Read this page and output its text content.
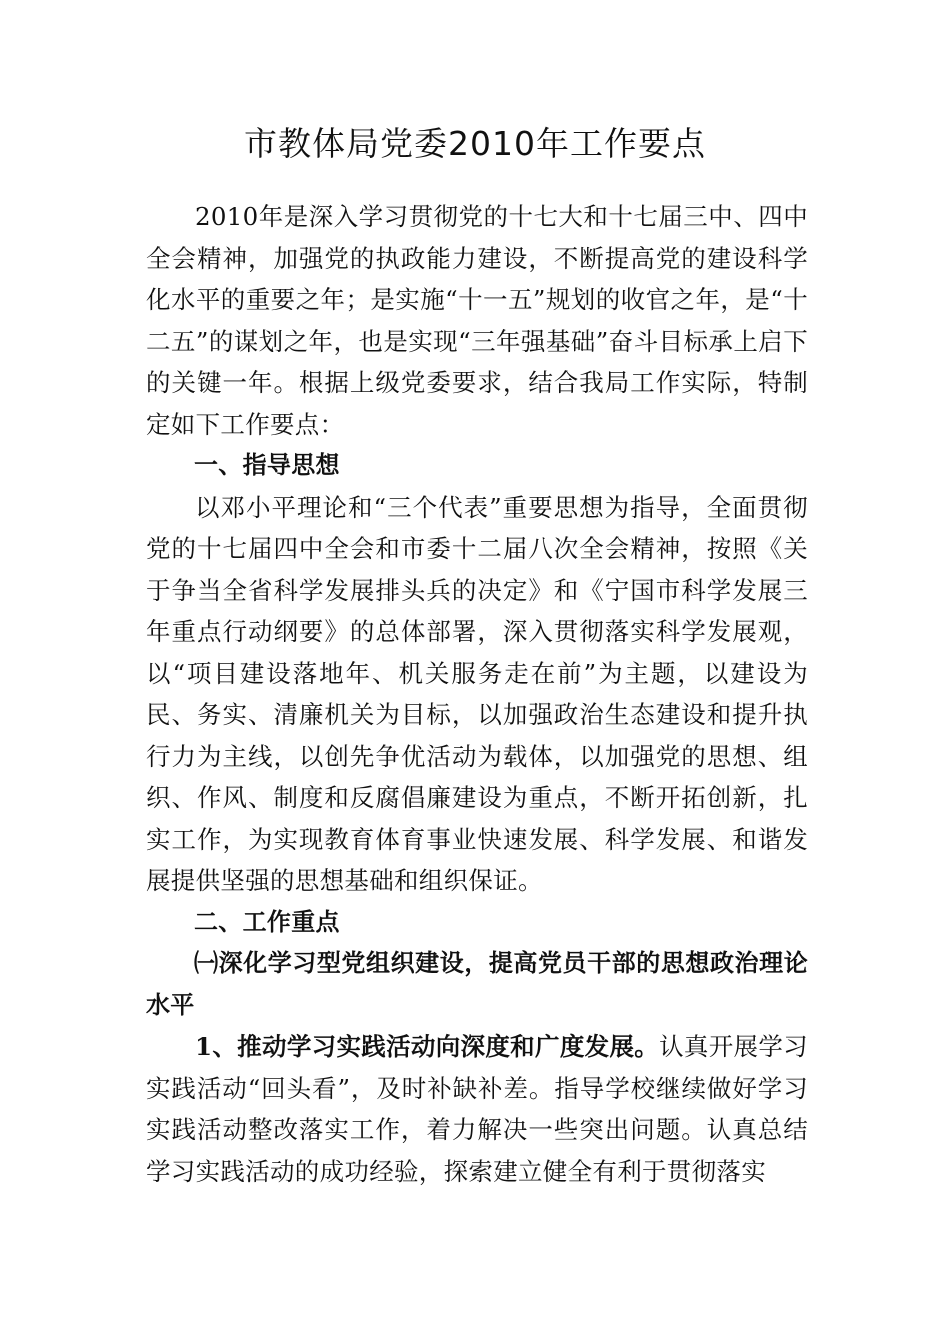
市教体局党委2010年工作要点

2010年是深入学习贯彻党的十七大和十七届三中、四中全会精神，加强党的执政能力建设，不断提高党的建设科学化水平的重要之年；是实施“十一五”规划的收官之年，是“十二五”的谋划之年，也是实现“三年强基础”奋斗目标承上启下的关键一年。根据上级党委要求，结合我局工作实际，特制定如下工作要点：

一、指导思想

以邓小平理论和“三个代表”重要思想为指导，全面贯彻党的十七届四中全会和市委十二届八次全会精神，按照《关于争当全省科学发展排头兵的决定》和《宁国市科学发展三年重点行动纲要》的总体部署，深入贯彻落实科学发展观，以“项目建设落地年、机关服务走在前”为主题，以建设为民、务实、清廉机关为目标，以加强政治生态建设和提升执行力为主线，以创先争优活动为载体，以加强党的思想、组织、作风、制度和反腐倡廉建设为重点，不断开拓创新，扎实工作，为实现教育体育事业快速发展、科学发展、和谐发展提供坚强的思想基础和组织保证。

二、工作重点

㈠深化学习型党组织建设，提高党员干部的思想政治理论水平

1、推动学习实践活动向深度和广度发展。认真开展学习实践活动“回头看”，及时补缺补差。指导学校继续做好学习实践活动整改落实工作，着力解决一些突出问题。认真总结学习实践活动的成功经验，探索建立健全有利于贯彻落实
